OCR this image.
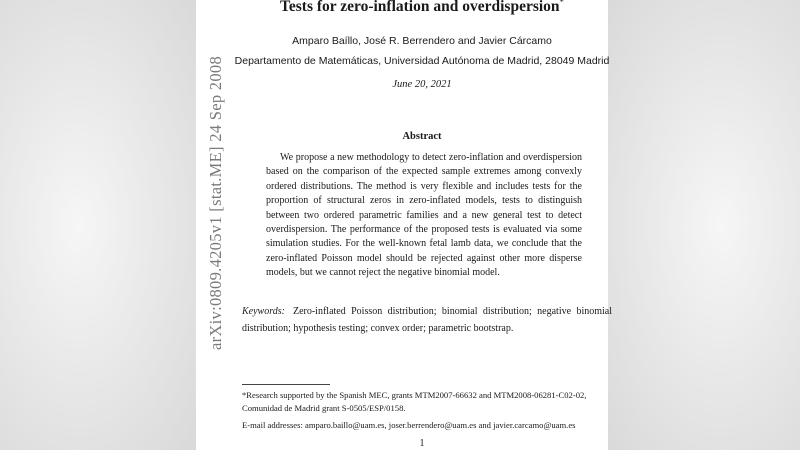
arXiv:0809.4205v1 [stat.ME] 24 Sep 2008
Tests for zero-inflation and overdispersion*
Amparo Baíllo, José R. Berrendero and Javier Cárcamo
Departamento de Matemáticas, Universidad Autónoma de Madrid, 28049 Madrid
June 20, 2021
Abstract
We propose a new methodology to detect zero-inflation and overdispersion based on the comparison of the expected sample extremes among convexly ordered distributions. The method is very flexible and includes tests for the proportion of structural zeros in zero-inflated models, tests to distinguish between two ordered parametric families and a new general test to detect overdispersion. The performance of the proposed tests is evaluated via some simulation studies. For the well-known fetal lamb data, we conclude that the zero-inflated Poisson model should be rejected against other more disperse models, but we cannot reject the negative binomial model.
Keywords: Zero-inflated Poisson distribution; binomial distribution; negative binomial distribution; hypothesis testing; convex order; parametric bootstrap.

*Research supported by the Spanish MEC, grants MTM2007-66632 and MTM2008-06281-C02-02, Comunidad de Madrid grant S-0505/ESP/0158.

E-mail addresses: amparo.baillo@uam.es, joser.berrendero@uam.es and javier.carcamo@uam.es

1
